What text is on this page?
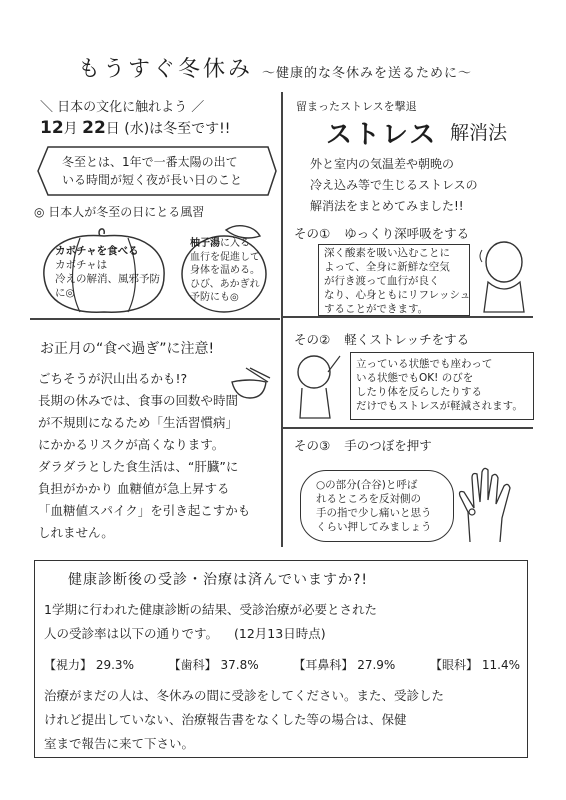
もうすぐ冬休み 〜健康的な冬休みを送るために〜
＼ 日本の文化に触れよう ／
12月 22日 (水)は冬至です!!
冬至とは、1年で一番太陽の出て
いる時間が短く夜が長い日のこと
◎ 日本人が冬至の日にとる風習
カボチャを食べる
カボチャは
冷えの解消、風邪予防
に◎
柚子湯に入る
血行を促進して
身体を温める。
ひび、あかぎれ
予防にも◎
お正月の“食べ過ぎ”に注意!
ごちそうが沢山出るかも!?
長期の休みでは、食事の回数や時間
が不規則になるため「生活習慣病」
にかかるリスクが高くなります。
ダラダラとした食生活は、“肝臓”に
負担がかかり 血糖値が急上昇する
「血糖値スパイク」を引き起こすかも
しれません。
留まったストレスを撃退
ストレス 解消法
外と室内の気温差や朝晩の
冷え込み等で生じるストレスの
解消法をまとめてみました!!
その① ゆっくり深呼吸をする
深く酸素を吸い込むことに
よって、全身に新鮮な空気
が行き渡って血行が良く
なり、心身ともにリフレッシュ
することができます。
その② 軽くストレッチをする
立っている状態でも座わって
いる状態でもOK! のびを
したり体を反らしたりする
だけでもストレスが軽減されます。
その③ 手のつぼを押す
○の部分(合谷)と呼ば
れるところを反対側の
手の指で少し痛いと思う
くらい押してみましょう
健康診断後の受診・治療は済んでいますか?!
1学期に行われた健康診断の結果、受診治療が必要とされた
人の受診率は以下の通りです。 (12月13日時点)
【視力】 29.3%	【歯科】 37.8%	【耳鼻科】 27.9%	【眼科】 11.4%
治療がまだの人は、冬休みの間に受診をしてください。また、受診した
けれど提出していない、治療報告書をなくした等の場合は、保健
室まで報告に来て下さい。
